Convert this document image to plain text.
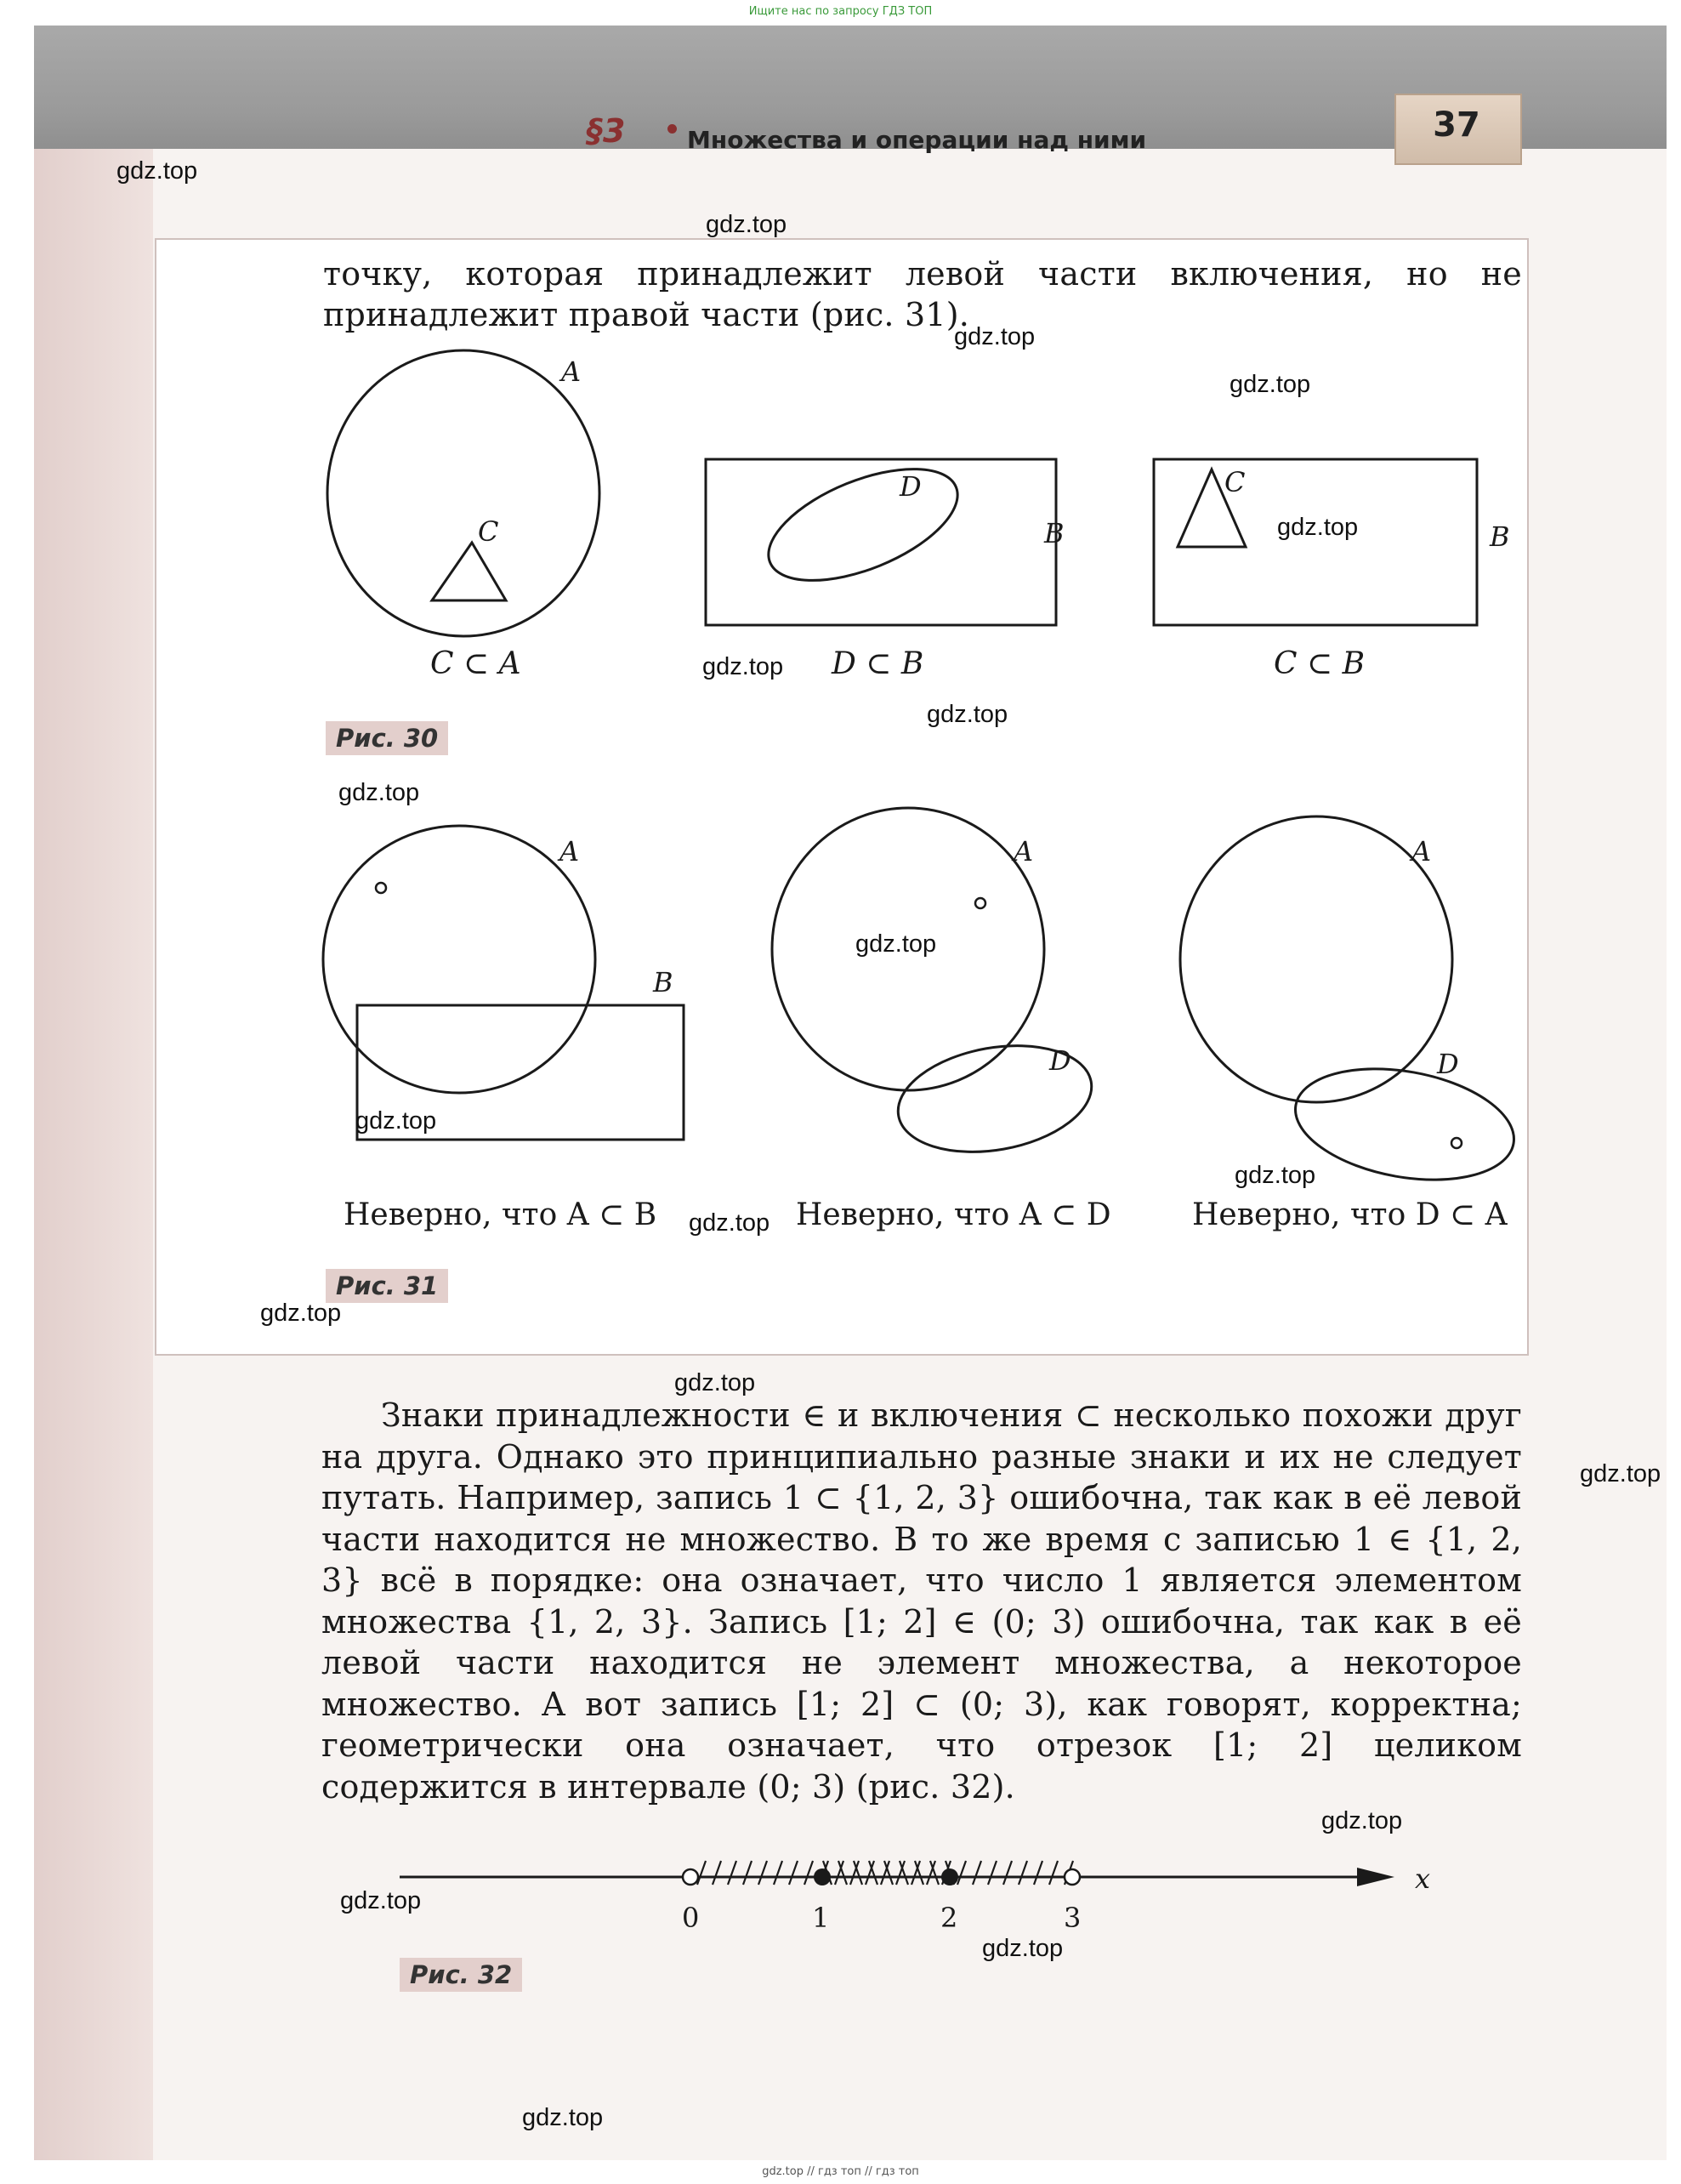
Ищите нас по запросу ГДЗ ТОП
§3	Множества и операции над ними	37
точку, которая принадлежит левой части включения, но не принадлежит правой части (рис. 31).
A
C
C ⊂ A
D
B
D ⊂ B
C
B
C ⊂ B
Рис. 30
A
B
Неверно, что A ⊂ B
A
D
Неверно, что A ⊂ D
A
D
Неверно, что D ⊂ A
Рис. 31
Знаки принадлежности ∈ и включения ⊂ несколько похожи друг на друга. Однако это принципиально разные знаки и их не следует путать. Например, запись 1 ⊂ {1, 2, 3} ошибочна, так как в её левой части находится не множество. В то же время с записью 1 ∈ {1, 2, 3} всё в порядке: она означает, что число 1 является элементом множества {1, 2, 3}. Запись [1; 2] ∈ (0; 3) ошибочна, так как в её левой части находится не элемент множества, а некоторое множество. А вот запись [1; 2] ⊂ (0; 3), как говорят, корректна; геометрически она означает, что отрезок [1; 2] целиком содержится в интервале (0; 3) (рис. 32).
0	1	2	3
x
Рис. 32
gdz.top
gdz.top
gdz.top
gdz.top
gdz.top
gdz.top
gdz.top
gdz.top
gdz.top
gdz.top
gdz.top
gdz.top
gdz.top
gdz.top
gdz.top
gdz.top
gdz.top
gdz.top
gdz.top
gdz.top // гдз топ // гдз топ
